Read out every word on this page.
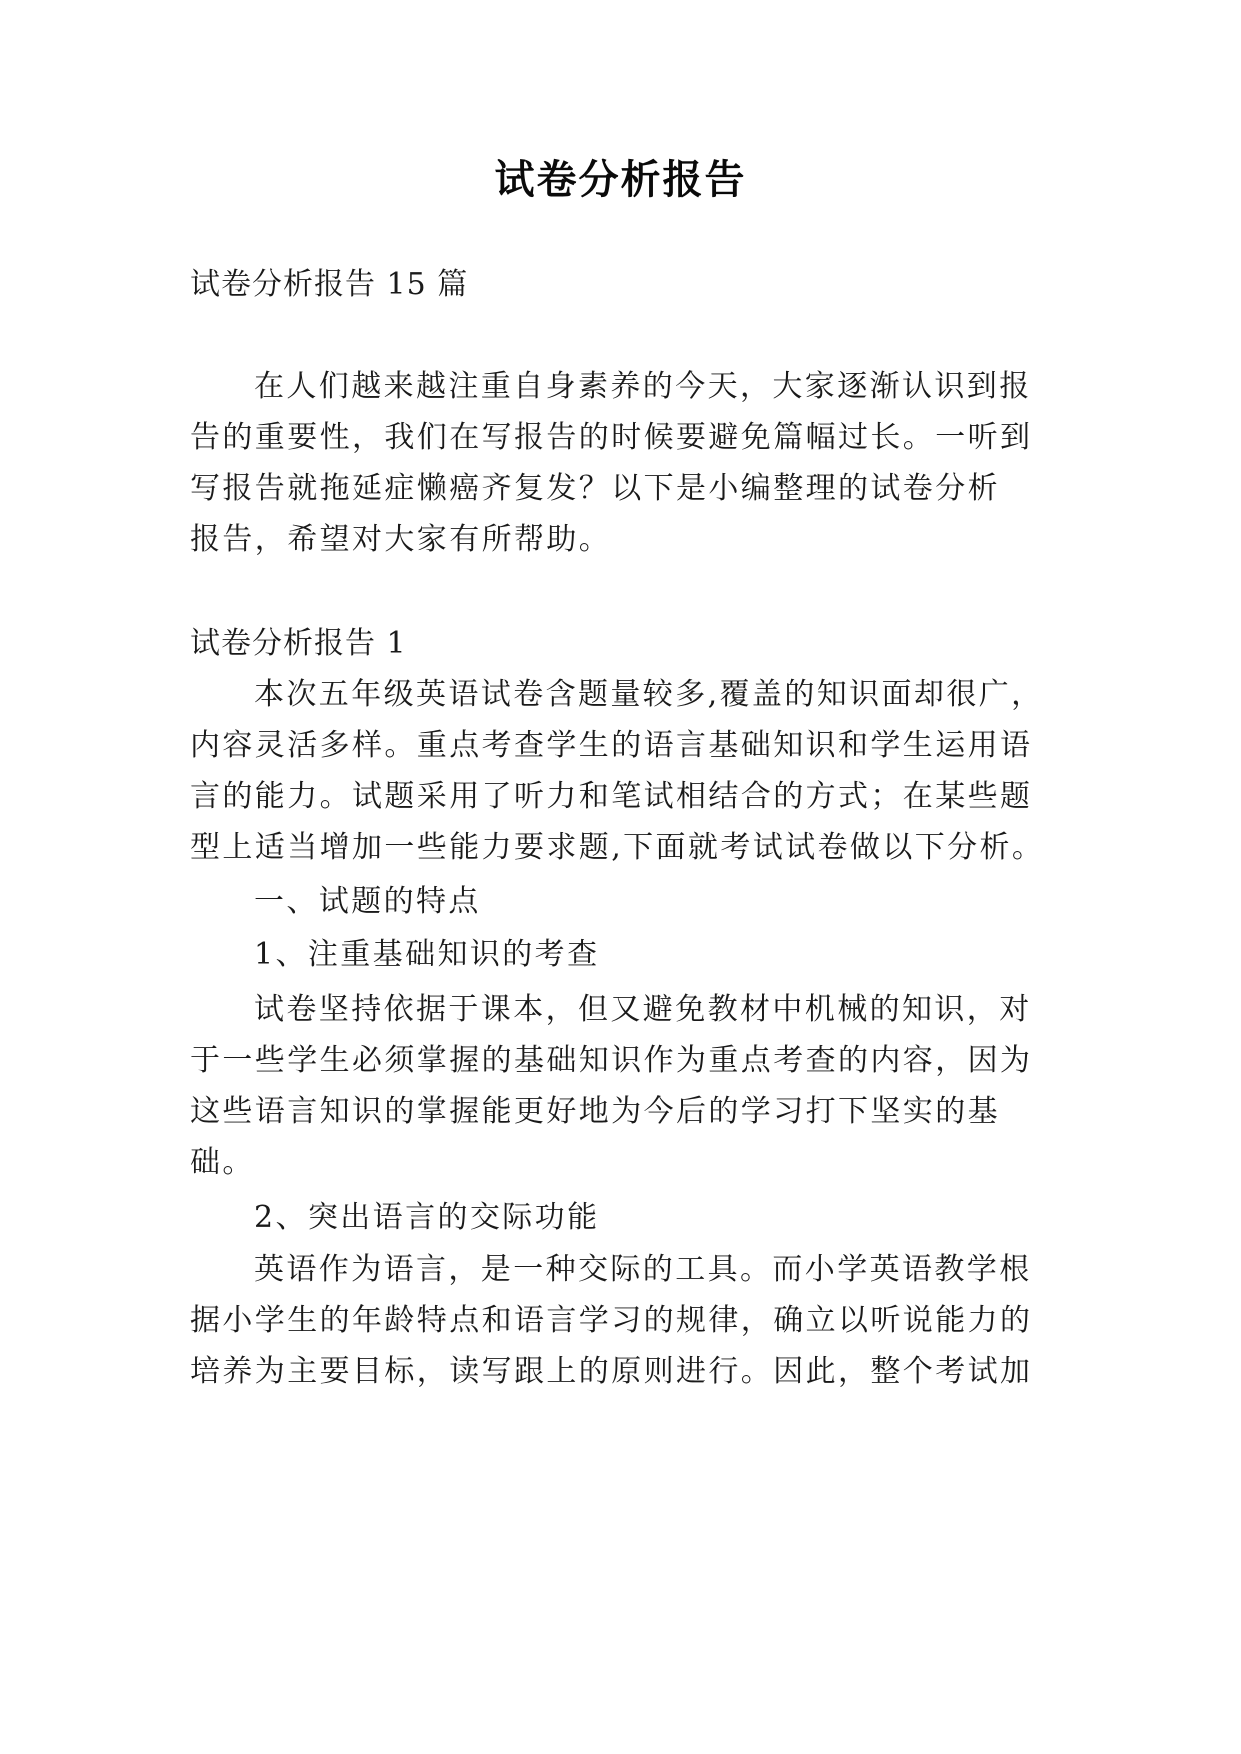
试卷分析报告
试卷分析报告 15 篇
在人们越来越注重自身素养的今天，大家逐渐认识到报
告的重要性，我们在写报告的时候要避免篇幅过长。一听到
写报告就拖延症懒癌齐复发？以下是小编整理的试卷分析
报告，希望对大家有所帮助。
试卷分析报告 1
本次五年级英语试卷含题量较多,覆盖的知识面却很广，
内容灵活多样。重点考查学生的语言基础知识和学生运用语
言的能力。试题采用了听力和笔试相结合的方式；在某些题
型上适当增加一些能力要求题,下面就考试试卷做以下分析。
一、试题的特点
1、注重基础知识的考查
试卷坚持依据于课本，但又避免教材中机械的知识，对
于一些学生必须掌握的基础知识作为重点考查的内容，因为
这些语言知识的掌握能更好地为今后的学习打下坚实的基
础。
2、突出语言的交际功能
英语作为语言，是一种交际的工具。而小学英语教学根
据小学生的年龄特点和语言学习的规律，确立以听说能力的
培养为主要目标，读写跟上的原则进行。因此，整个考试加
